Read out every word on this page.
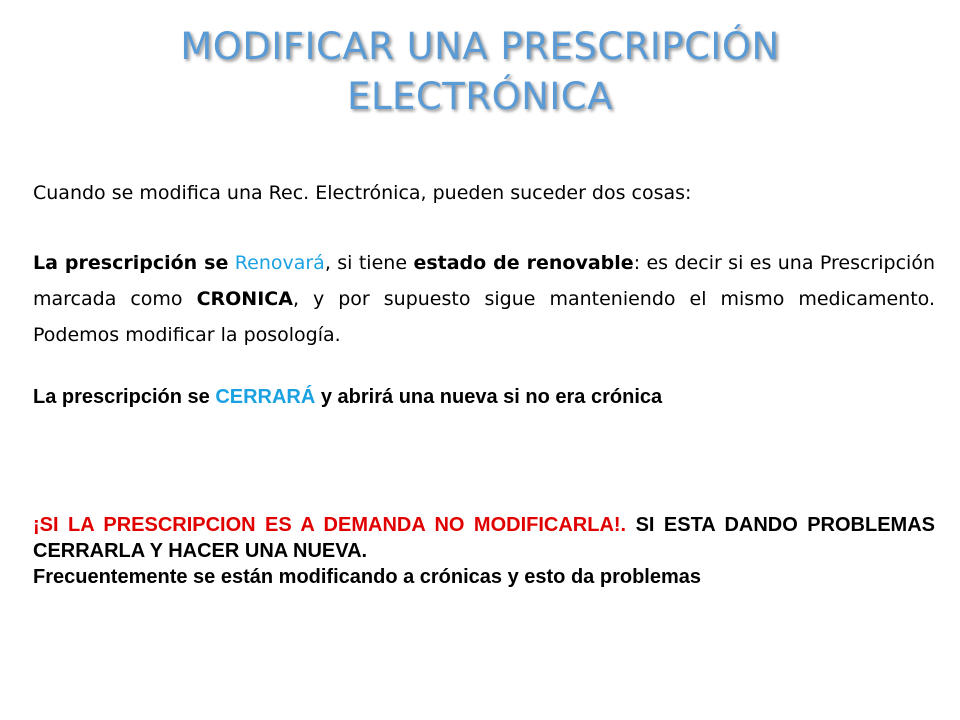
MODIFICAR UNA PRESCRIPCIÓN
ELECTRÓNICA
Cuando se modifica una Rec. Electrónica, pueden suceder dos cosas:
La prescripción se Renovará, si tiene estado de renovable: es decir si es una Prescripción marcada como CRONICA, y por supuesto sigue manteniendo el mismo medicamento. Podemos modificar la posología.
La prescripción se CERRARÁ y abrirá una nueva si no era crónica
¡SI LA PRESCRIPCION ES A DEMANDA NO MODIFICARLA!. SI ESTA DANDO PROBLEMAS CERRARLA Y HACER UNA NUEVA.
Frecuentemente se están modificando a crónicas y esto da problemas
